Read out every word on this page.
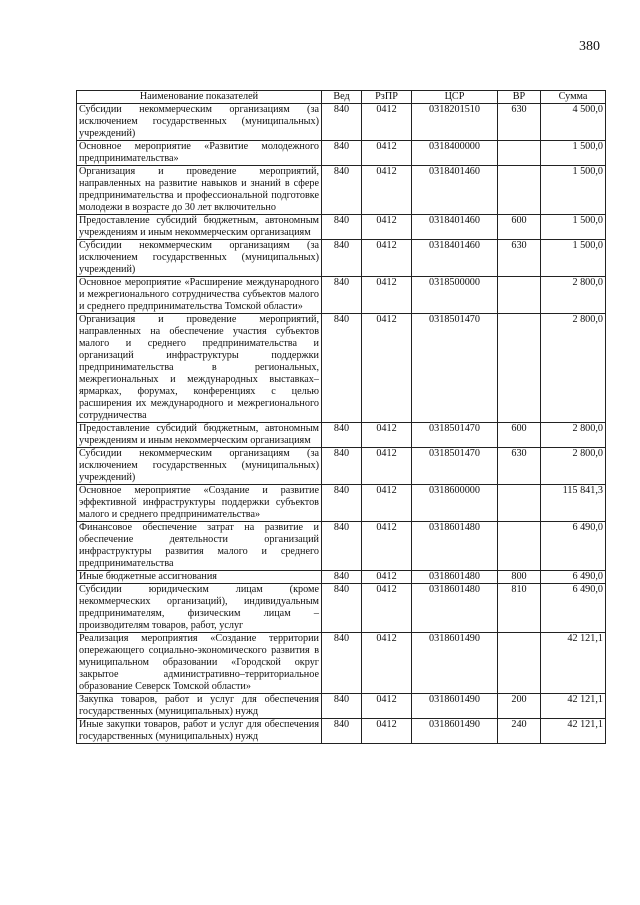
380
Наименование показателей	Вед	РзПР	ЦСР	ВР	Сумма
Субсидии некоммерческим организациям (за исключением государственных (муниципальных) учреждений)	840	0412	0318201510	630	4 500,0
Основное мероприятие «Развитие молодежного предпринимательства»	840	0412	0318400000		1 500,0
Организация и проведение мероприятий, направленных на развитие навыков и знаний в сфере предпринимательства и профессиональной подготовке молодежи в возрасте до 30 лет включительно	840	0412	0318401460		1 500,0
Предоставление субсидий бюджетным, автономным учреждениям и иным некоммерческим организациям	840	0412	0318401460	600	1 500,0
Субсидии некоммерческим организациям (за исключением государственных (муниципальных) учреждений)	840	0412	0318401460	630	1 500,0
Основное мероприятие «Расширение международного и межрегионального сотрудничества субъектов малого и среднего предпринимательства Томской области»	840	0412	0318500000		2 800,0
Организация и проведение мероприятий, направленных на обеспечение участия субъектов малого и среднего предпринимательства и организаций инфраструктуры поддержки предпринимательства в региональных, межрегиональных и международных выставках–ярмарках, форумах, конференциях с целью расширения их международного и межрегионального сотрудничества	840	0412	0318501470		2 800,0
Предоставление субсидий бюджетным, автономным учреждениям и иным некоммерческим организациям	840	0412	0318501470	600	2 800,0
Субсидии некоммерческим организациям (за исключением государственных (муниципальных) учреждений)	840	0412	0318501470	630	2 800,0
Основное мероприятие «Создание и развитие эффективной инфраструктуры поддержки субъектов малого и среднего предпринимательства»	840	0412	0318600000		115 841,3
Финансовое обеспечение затрат на развитие и обеспечение деятельности организаций инфраструктуры развития малого и среднего предпринимательства	840	0412	0318601480		6 490,0
Иные бюджетные ассигнования	840	0412	0318601480	800	6 490,0
Субсидии юридическим лицам (кроме некоммерческих организаций), индивидуальным предпринимателям, физическим лицам – производителям товаров, работ, услуг	840	0412	0318601480	810	6 490,0
Реализация мероприятия «Создание территории опережающего социально-экономического развития в муниципальном образовании «Городской округ закрытое административно–территориальное образование Северск Томской области»	840	0412	0318601490		42 121,1
Закупка товаров, работ и услуг для обеспечения государственных (муниципальных) нужд	840	0412	0318601490	200	42 121,1
Иные закупки товаров, работ и услуг для обеспечения государственных (муниципальных) нужд	840	0412	0318601490	240	42 121,1
